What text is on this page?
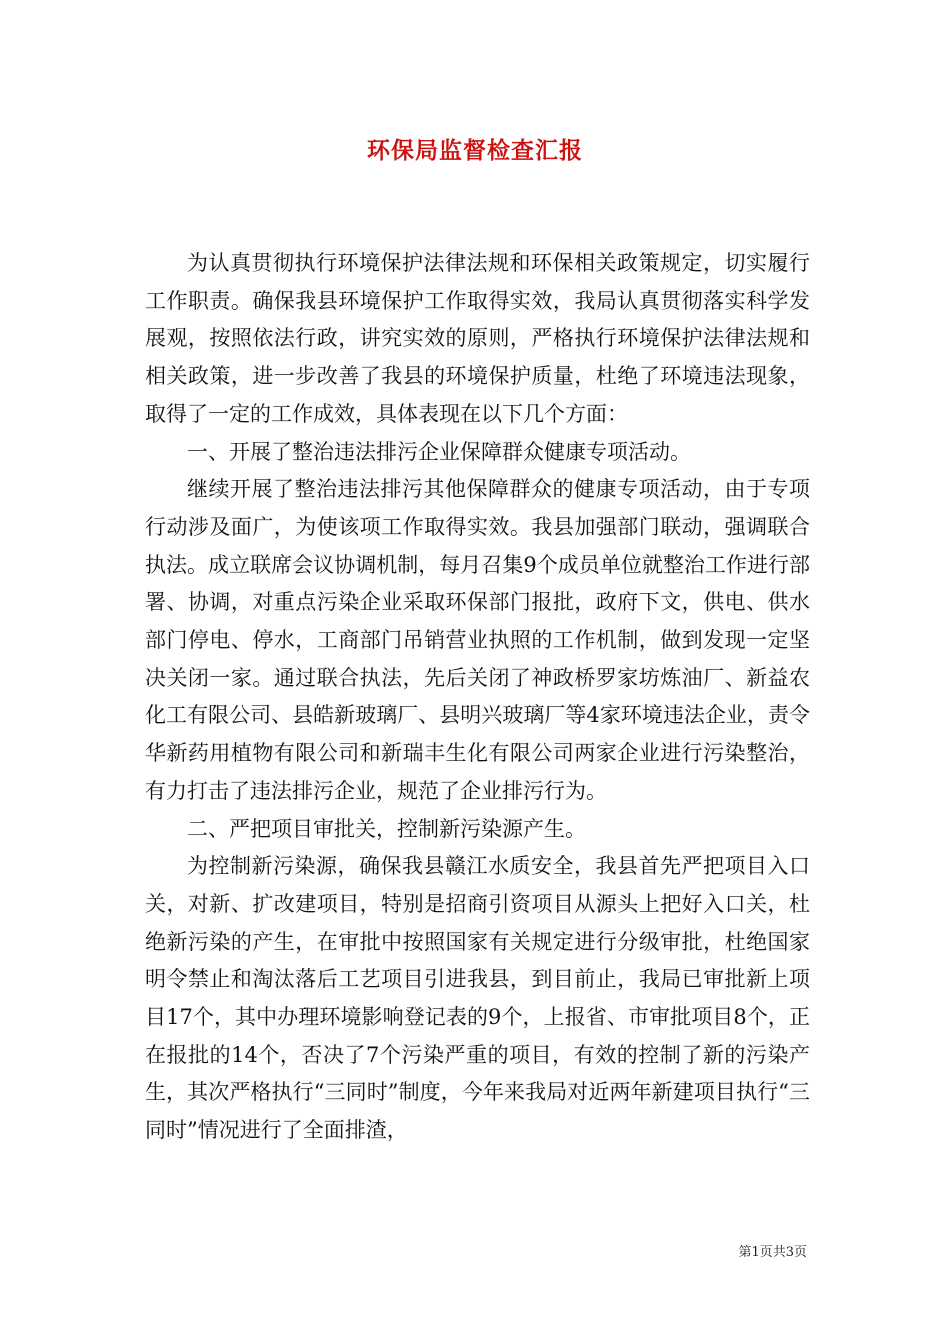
环保局监督检查汇报

为认真贯彻执行环境保护法律法规和环保相关政策规定，切实履行工作职责。确保我县环境保护工作取得实效，我局认真贯彻落实科学发展观，按照依法行政，讲究实效的原则，严格执行环境保护法律法规和相关政策，进一步改善了我县的环境保护质量，杜绝了环境违法现象，取得了一定的工作成效，具体表现在以下几个方面：

一、开展了整治违法排污企业保障群众健康专项活动。

继续开展了整治违法排污其他保障群众的健康专项活动，由于专项行动涉及面广，为使该项工作取得实效。我县加强部门联动，强调联合执法。成立联席会议协调机制，每月召集9个成员单位就整治工作进行部署、协调，对重点污染企业采取环保部门报批，政府下文，供电、供水部门停电、停水，工商部门吊销营业执照的工作机制，做到发现一定坚决关闭一家。通过联合执法，先后关闭了神政桥罗家坊炼油厂、新益农化工有限公司、县皓新玻璃厂、县明兴玻璃厂等4家环境违法企业，责令华新药用植物有限公司和新瑞丰生化有限公司两家企业进行污染整治，有力打击了违法排污企业，规范了企业排污行为。

二、严把项目审批关，控制新污染源产生。

为控制新污染源，确保我县赣江水质安全，我县首先严把项目入口关，对新、扩改建项目，特别是招商引资项目从源头上把好入口关，杜绝新污染的产生，在审批中按照国家有关规定进行分级审批，杜绝国家明令禁止和淘汰落后工艺项目引进我县，到目前止，我局已审批新上项目17个，其中办理环境影响登记表的9个，上报省、市审批项目8个，正在报批的14个，否决了7个污染严重的项目，有效的控制了新的污染产生，其次严格执行“三同时”制度，今年来我局对近两年新建项目执行“三同时”情况进行了全面排渣，

第1页共3页
